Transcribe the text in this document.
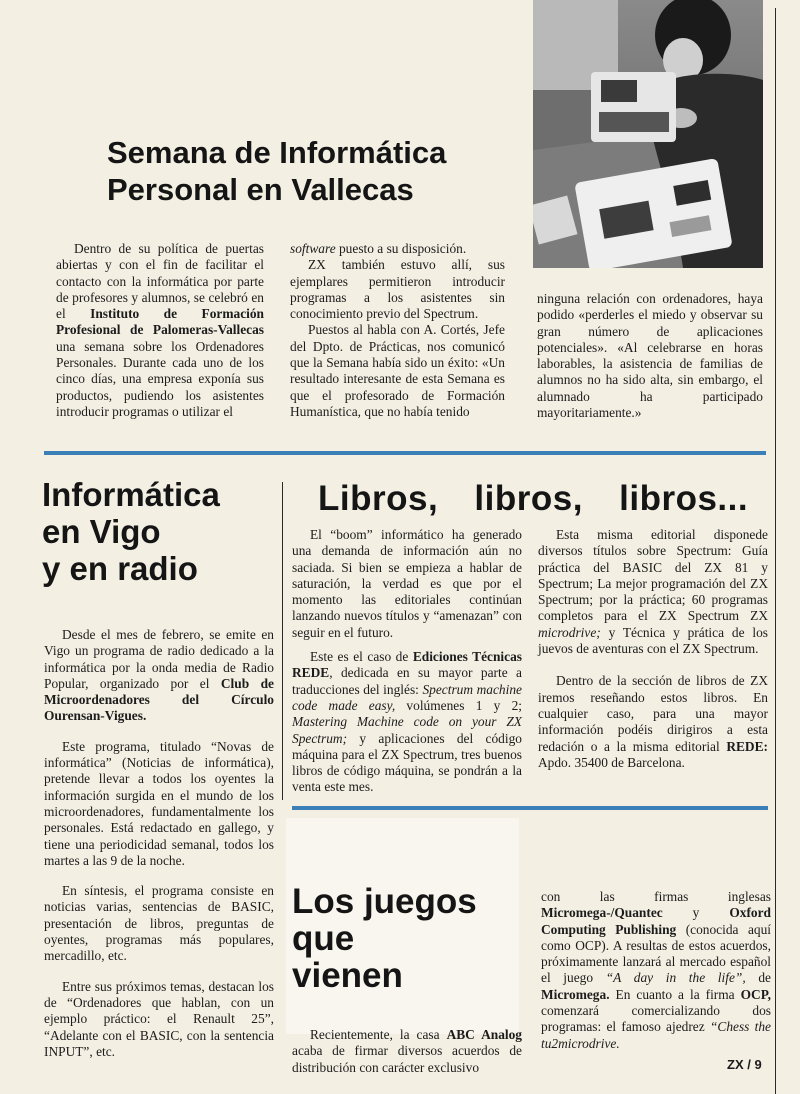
Semana de Informática
Personal en Vallecas

Dentro de su política de puertas abiertas y con el fin de facilitar el contacto con la informática por parte de profesores y alumnos, se celebró en el Instituto de Formación Profesional de Palomeras-Vallecas una semana sobre los Ordenadores Personales. Durante cada uno de los cinco días, una empresa exponía sus productos, pudiendo los asistentes introducir programas o utilizar el

software puesto a su disposición.

ZX también estuvo allí, sus ejemplares permitieron introducir programas a los asistentes sin conocimiento previo del Spectrum.

Puestos al habla con A. Cortés, Jefe del Dpto. de Prácticas, nos comunicó que la Semana había sido un éxito: «Un resultado interesante de esta Semana es que el profesorado de Formación Humanística, que no había tenido

ninguna relación con ordenadores, haya podido «perderles el miedo y observar su gran número de aplicaciones potenciales». «Al celebrarse en horas laborables, la asistencia de familias de alumnos no ha sido alta, sin embargo, el alumnado ha participado mayoritariamente.»

Informática
en Vigo
y en radio

Desde el mes de febrero, se emite en Vigo un programa de radio dedicado a la informática por la onda media de Radio Popular, organizado por el Club de Microordenadores del Círculo Ourensan-Vigues.

Este programa, titulado “Novas de informática” (Noticias de informática), pretende llevar a todos los oyentes la información surgida en el mundo de los microordenadores, fundamentalmente los personales. Está redactado en gallego, y tiene una periodicidad semanal, todos los martes a las 9 de la noche.

En síntesis, el programa consiste en noticias varias, sentencias de BASIC, presentación de libros, preguntas de oyentes, programas más populares, mercadillo, etc.

Entre sus próximos temas, destacan los de “Ordenadores que hablan, con un ejemplo práctico: el Renault 25”, “Adelante con el BASIC, con la sentencia INPUT”, etc.

Libros, libros, libros...

El “boom” informático ha generado una demanda de información aún no saciada. Si bien se empieza a hablar de saturación, la verdad es que por el momento las editoriales continúan lanzando nuevos títulos y “amenazan” con seguir en el futuro.

Este es el caso de Ediciones Técnicas REDE, dedicada en su mayor parte a traducciones del inglés: Spectrum machine code made easy, volúmenes 1 y 2; Mastering Machine code on your ZX Spectrum; y aplicaciones del código máquina para el ZX Spectrum, tres buenos libros de código máquina, se pondrán a la venta este mes.

Esta misma editorial disponede diversos títulos sobre Spectrum: Guía práctica del BASIC del ZX 81 y Spectrum; La mejor programación del ZX Spectrum; por la práctica; 60 programas completos para el ZX Spectrum ZX microdrive; y Técnica y prática de los juevos de aventuras con el ZX Spectrum.

Dentro de la sección de libros de ZX iremos reseñando estos libros. En cualquier caso, para una mayor información podéis dirigiros a esta redación o a la misma editorial REDE: Apdo. 35400 de Barcelona.

Los juegos
que
vienen

Recientemente, la casa ABC Analog acaba de firmar diversos acuerdos de distribución con carácter exclusivo

con las firmas inglesas Micromega-/Quantec y Oxford Computing Publishing (conocida aquí como OCP). A resultas de estos acuerdos, próximamente lanzará al mercado español el juego “A day in the life”, de Micromega. En cuanto a la firma OCP, comenzará comercializando dos programas: el famoso ajedrez “Chess the tu2microdrive.

ZX / 9
